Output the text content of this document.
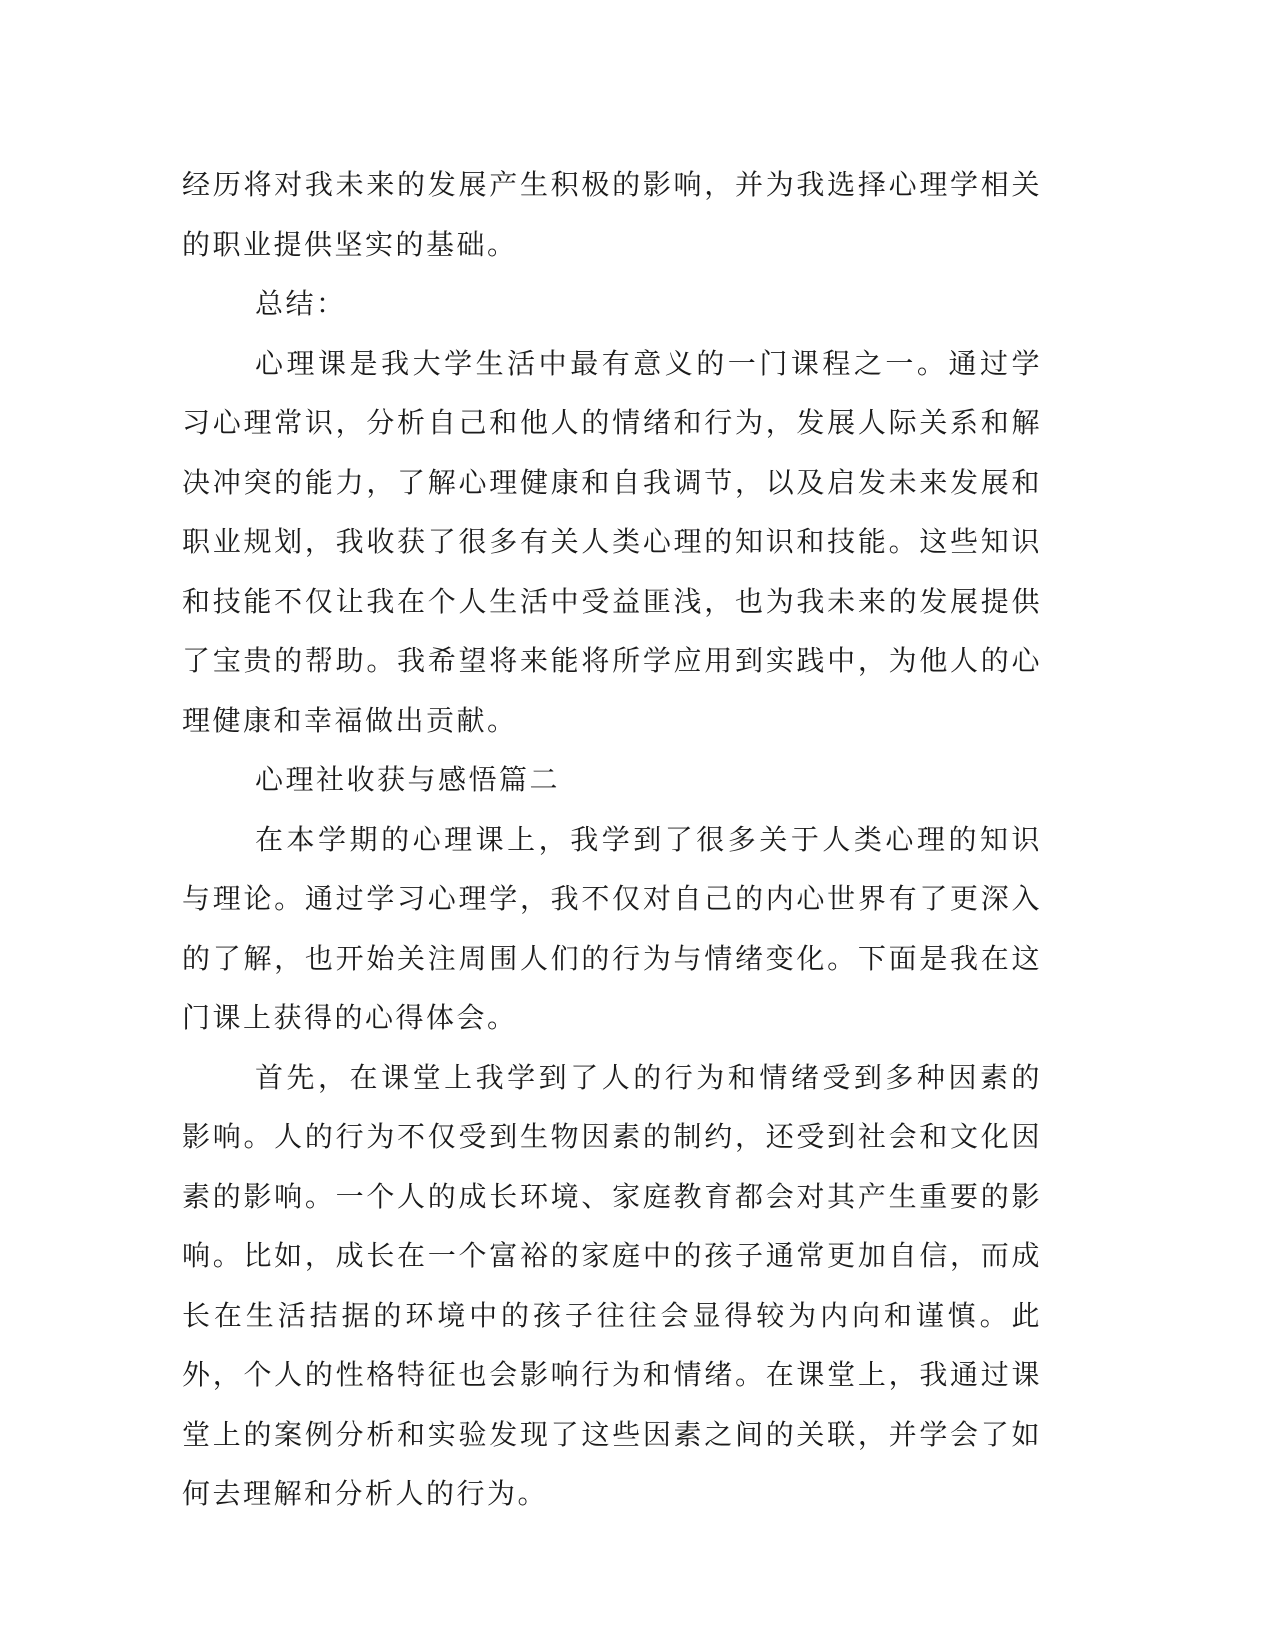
经历将对我未来的发展产生积极的影响，并为我选择心理学相关的职业提供坚实的基础。

总结：

心理课是我大学生活中最有意义的一门课程之一。通过学习心理常识，分析自己和他人的情绪和行为，发展人际关系和解决冲突的能力，了解心理健康和自我调节，以及启发未来发展和职业规划，我收获了很多有关人类心理的知识和技能。这些知识和技能不仅让我在个人生活中受益匪浅，也为我未来的发展提供了宝贵的帮助。我希望将来能将所学应用到实践中，为他人的心理健康和幸福做出贡献。

心理社收获与感悟篇二

在本学期的心理课上，我学到了很多关于人类心理的知识与理论。通过学习心理学，我不仅对自己的内心世界有了更深入的了解，也开始关注周围人们的行为与情绪变化。下面是我在这门课上获得的心得体会。

首先，在课堂上我学到了人的行为和情绪受到多种因素的影响。人的行为不仅受到生物因素的制约，还受到社会和文化因素的影响。一个人的成长环境、家庭教育都会对其产生重要的影响。比如，成长在一个富裕的家庭中的孩子通常更加自信，而成长在生活拮据的环境中的孩子往往会显得较为内向和谨慎。此外，个人的性格特征也会影响行为和情绪。在课堂上，我通过课堂上的案例分析和实验发现了这些因素之间的关联，并学会了如何去理解和分析人的行为。
